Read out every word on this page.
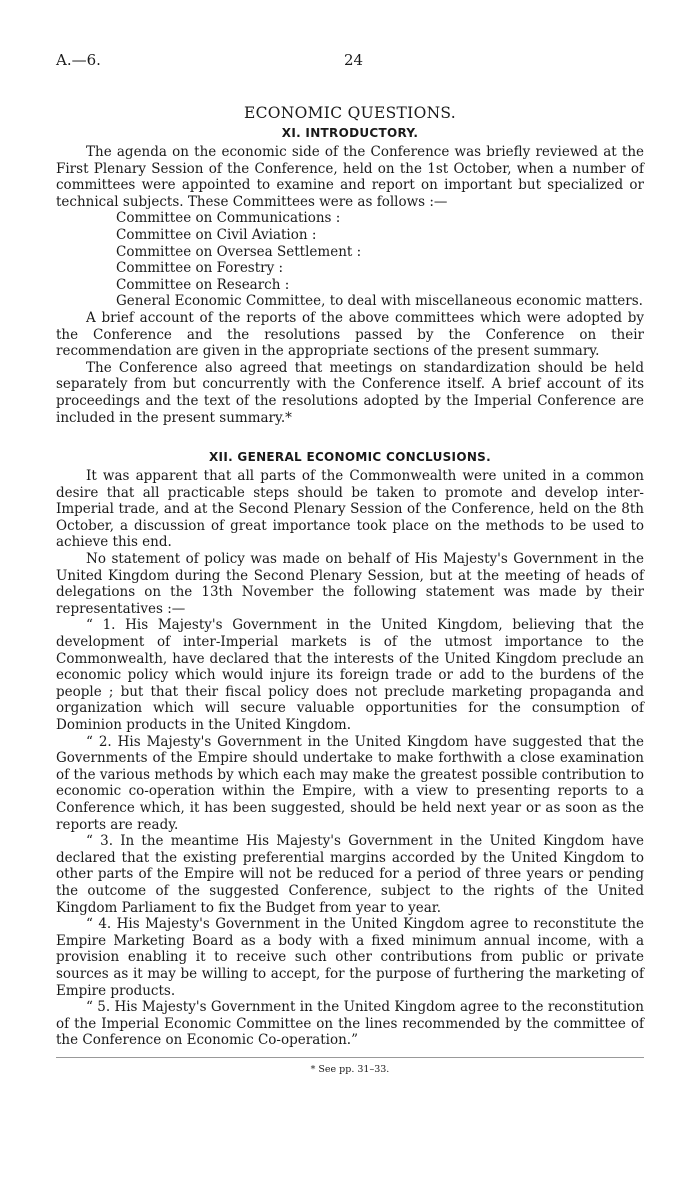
A.—6.	24
ECONOMIC QUESTIONS.
XI. INTRODUCTORY.

The agenda on the economic side of the Conference was briefly reviewed at the First Plenary Session of the Conference, held on the 1st October, when a number of committees were appointed to examine and report on important but specialized or technical subjects. These Committees were as follows :—

Committee on Communications :
Committee on Civil Aviation :
Committee on Oversea Settlement :
Committee on Forestry :
Committee on Research :
General Economic Committee, to deal with miscellaneous economic matters.

A brief account of the reports of the above committees which were adopted by the Conference and the resolutions passed by the Conference on their recommendation are given in the appropriate sections of the present summary.

The Conference also agreed that meetings on standardization should be held separately from but concurrently with the Conference itself. A brief account of its proceedings and the text of the resolutions adopted by the Imperial Conference are included in the present summary.*

XII. GENERAL ECONOMIC CONCLUSIONS.

It was apparent that all parts of the Commonwealth were united in a common desire that all practicable steps should be taken to promote and develop inter-Imperial trade, and at the Second Plenary Session of the Conference, held on the 8th October, a discussion of great importance took place on the methods to be used to achieve this end.

No statement of policy was made on behalf of His Majesty's Government in the United Kingdom during the Second Plenary Session, but at the meeting of heads of delegations on the 13th November the following statement was made by their representatives :—

“ 1. His Majesty's Government in the United Kingdom, believing that the development of inter-Imperial markets is of the utmost importance to the Commonwealth, have declared that the interests of the United Kingdom preclude an economic policy which would injure its foreign trade or add to the burdens of the people ; but that their fiscal policy does not preclude marketing propaganda and organization which will secure valuable opportunities for the consumption of Dominion products in the United Kingdom.

“ 2. His Majesty's Government in the United Kingdom have suggested that the Governments of the Empire should undertake to make forthwith a close examination of the various methods by which each may make the greatest possible contribution to economic co-operation within the Empire, with a view to presenting reports to a Conference which, it has been suggested, should be held next year or as soon as the reports are ready.

“ 3. In the meantime His Majesty's Government in the United Kingdom have declared that the existing preferential margins accorded by the United Kingdom to other parts of the Empire will not be reduced for a period of three years or pending the outcome of the suggested Conference, subject to the rights of the United Kingdom Parliament to fix the Budget from year to year.

“ 4. His Majesty's Government in the United Kingdom agree to reconstitute the Empire Marketing Board as a body with a fixed minimum annual income, with a provision enabling it to receive such other contributions from public or private sources as it may be willing to accept, for the purpose of furthering the marketing of Empire products.

“ 5. His Majesty's Government in the United Kingdom agree to the reconstitution of the Imperial Economic Committee on the lines recommended by the committee of the Conference on Economic Co-operation.”

* See pp. 31–33.
